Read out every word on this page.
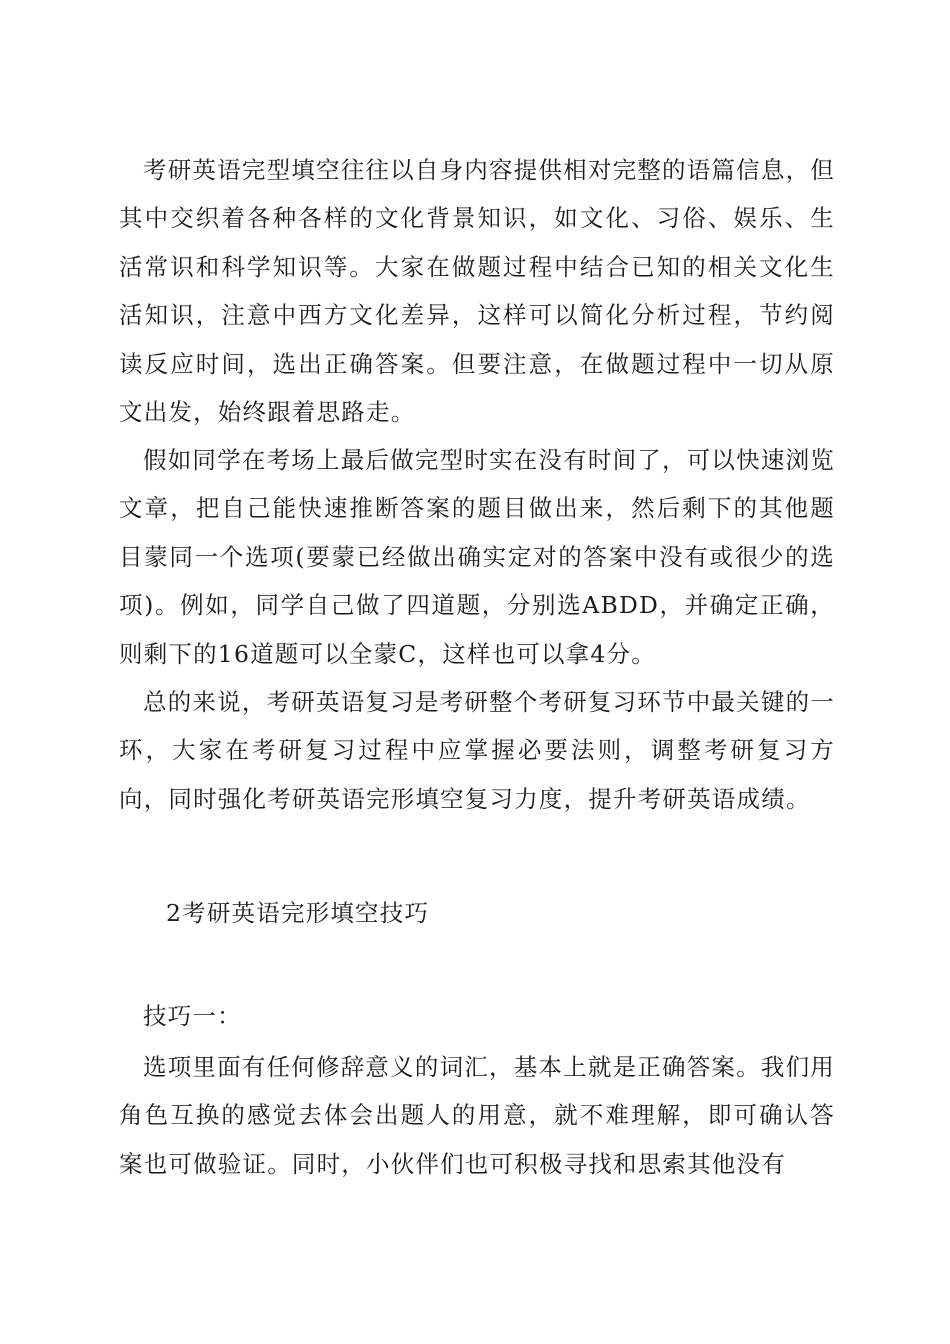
考研英语完型填空往往以自身内容提供相对完整的语篇信息，但其中交织着各种各样的文化背景知识，如文化、习俗、娱乐、生活常识和科学知识等。大家在做题过程中结合已知的相关文化生活知识，注意中西方文化差异，这样可以简化分析过程，节约阅读反应时间，选出正确答案。但要注意，在做题过程中一切从原文出发，始终跟着思路走。

假如同学在考场上最后做完型时实在没有时间了，可以快速浏览文章，把自己能快速推断答案的题目做出来，然后剩下的其他题目蒙同一个选项(要蒙已经做出确实定对的答案中没有或很少的选项)。例如，同学自己做了四道题，分别选ABDD，并确定正确，则剩下的16道题可以全蒙C，这样也可以拿4分。

总的来说，考研英语复习是考研整个考研复习环节中最关键的一环，大家在考研复习过程中应掌握必要法则，调整考研复习方向，同时强化考研英语完形填空复习力度，提升考研英语成绩。

2考研英语完形填空技巧

技巧一：

选项里面有任何修辞意义的词汇，基本上就是正确答案。我们用角色互换的感觉去体会出题人的用意，就不难理解，即可确认答案也可做验证。同时，小伙伴们也可积极寻找和思索其他没有
